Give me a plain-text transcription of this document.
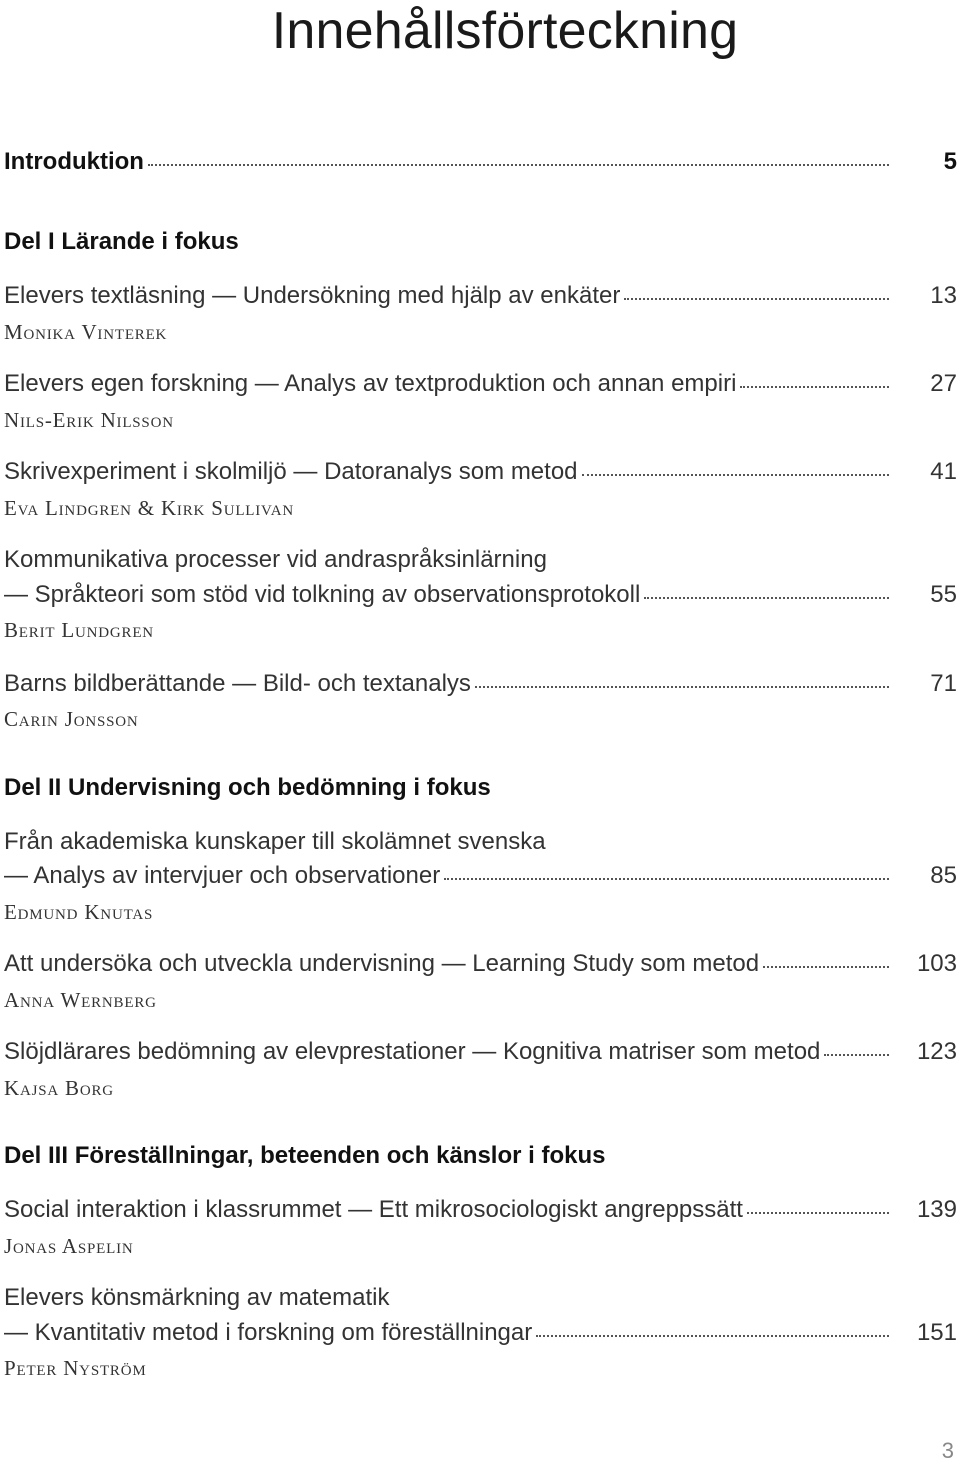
Innehållsförteckning
Introduktion	5
Del I Lärande i fokus
Elevers textläsning — Undersökning med hjälp av enkäter	13
Monika Vinterek
Elevers egen forskning — Analys av textproduktion och annan empiri	27
Nils-Erik Nilsson
Skrivexperiment i skolmiljö — Datoranalys som metod	41
Eva Lindgren & Kirk Sullivan
Kommunikativa processer vid andraspråksinlärning
— Språkteori som stöd vid tolkning av observationsprotokoll	55
Berit Lundgren
Barns bildberättande — Bild- och textanalys	71
Carin Jonsson
Del II Undervisning och bedömning i fokus
Från akademiska kunskaper till skolämnet svenska
— Analys av intervjuer och observationer	85
Edmund Knutas
Att undersöka och utveckla undervisning — Learning Study som metod	103
Anna Wernberg
Slöjdlärares bedömning av elevprestationer — Kognitiva matriser som metod	123
Kajsa Borg
Del III Föreställningar, beteenden och känslor i fokus
Social interaktion i klassrummet — Ett mikrosociologiskt angreppssätt	139
Jonas Aspelin
Elevers könsmärkning av matematik
— Kvantitativ metod i forskning om föreställningar	151
Peter Nyström
3
